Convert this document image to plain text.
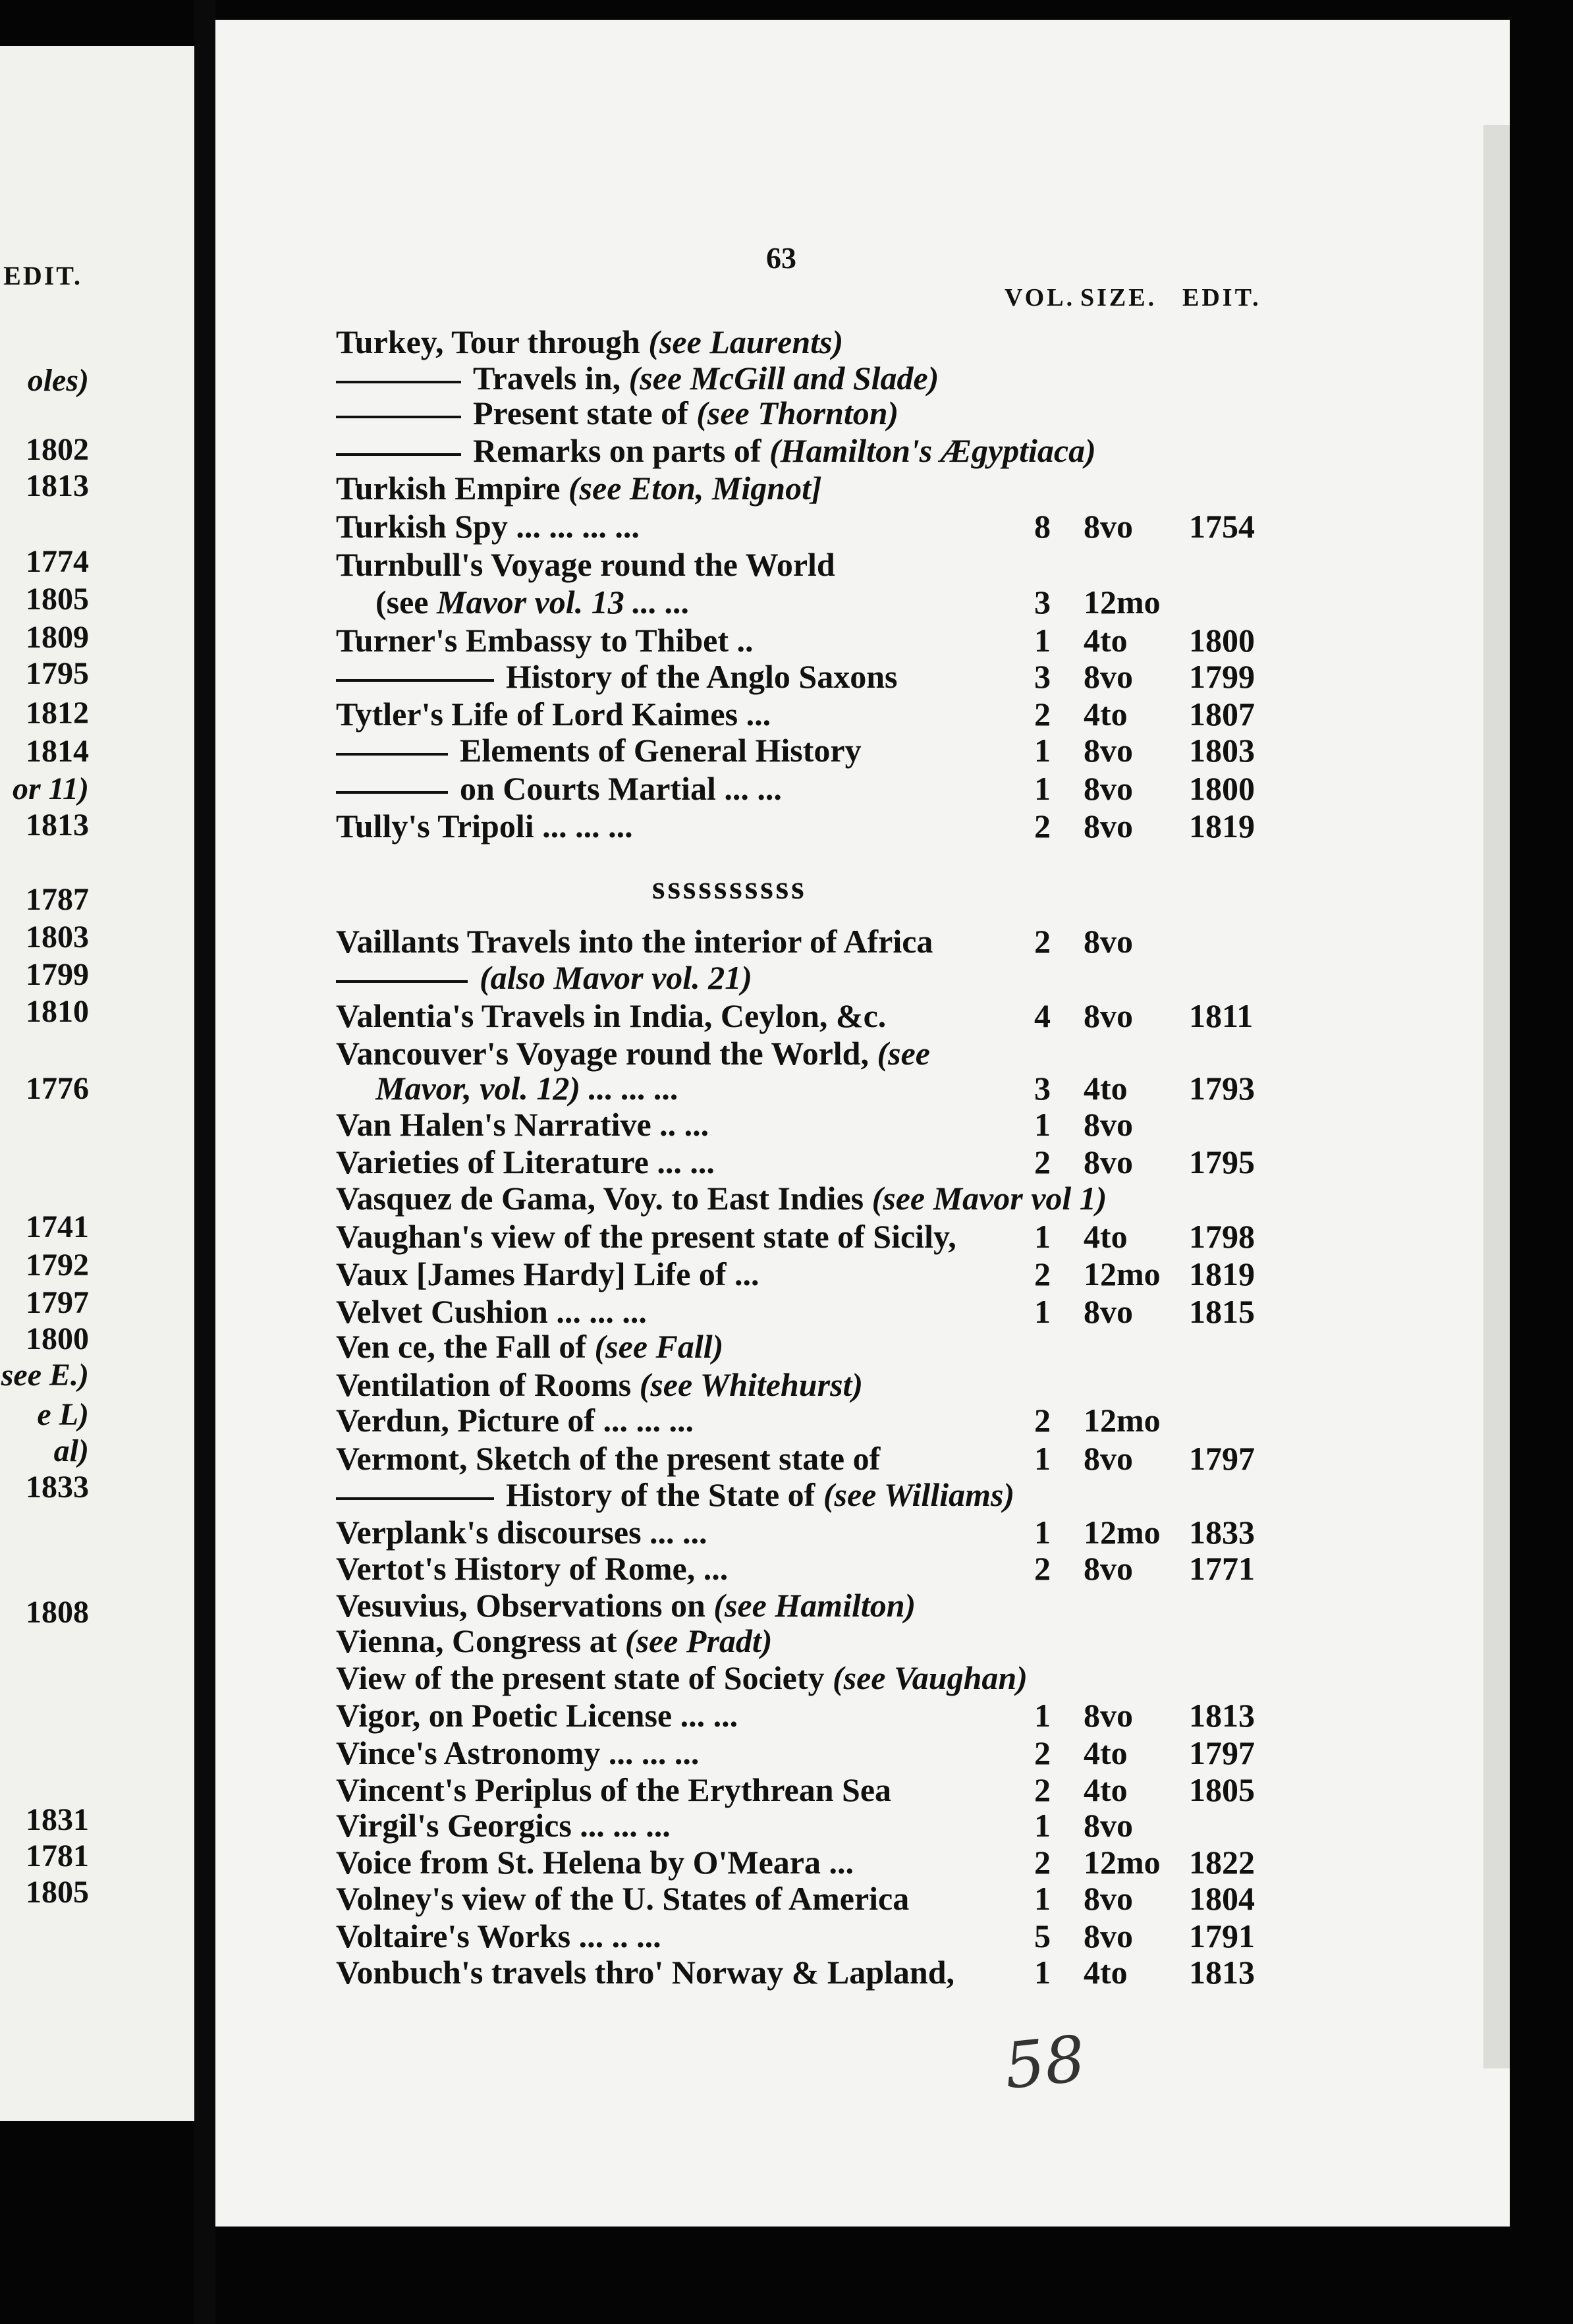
EDIT.
oles)
1802
1813
1774
1805
1809
1795
1812
1814
or 11)
1813
1787
1803
1799
1810
1776
1741
1792
1797
1800
see E.)
e L)
al)
1833
1808
1831
1781
1805
63
VOL. SIZE. EDIT.
Turkey, Tour through (see Laurents)
Travels in, (see McGill and Slade)
Present state of (see Thornton)
Remarks on parts of (Hamilton's Ægyptiaca)
Turkish Empire (see Eton, Mignot]
Turkish Spy ... ... ... ...	8 8vo 1754
Turnbull's Voyage round the World
(see Mavor vol. 13 ... ...	3 12mo
Turner's Embassy to Thibet ..	1 4to 1800
History of the Anglo Saxons	3 8vo 1799
Tytler's Life of Lord Kaimes ...	2 4to 1807
Elements of General History	1 8vo 1803
on Courts Martial ... ...	1 8vo 1800
Tully's Tripoli ... ... ...	2 8vo 1819
Vaillants Travels into the interior of Africa	2 8vo
(also Mavor vol. 21)
Valentia's Travels in India, Ceylon, &c.	4 8vo 1811
Vancouver's Voyage round the World, (see
Mavor, vol. 12) ... ... ...	3 4to 1793
Van Halen's Narrative .. ...	1 8vo
Varieties of Literature ... ...	2 8vo 1795
Vasquez de Gama, Voy. to East Indies (see Mavor vol 1)
Vaughan's view of the present state of Sicily, 1 4to 1798
Vaux [James Hardy] Life of ...	2 12mo 1819
Velvet Cushion ... ... ...	1 8vo 1815
Ven ce, the Fall of (see Fall)
Ventilation of Rooms (see Whitehurst)
Verdun, Picture of ... ... ...	2 12mo
Vermont, Sketch of the present state of	1 8vo 1797
History of the State of (see Williams)
Verplank's discourses ... ...	1 12mo 1833
Vertot's History of Rome, ...	2 8vo 1771
Vesuvius, Observations on (see Hamilton)
Vienna, Congress at (see Pradt)
View of the present state of Society (see Vaughan)
Vigor, on Poetic License ... ...	1 8vo 1813
Vince's Astronomy ... ... ...	2 4to 1797
Vincent's Periplus of the Erythrean Sea	2 4to 1805
Virgil's Georgics ... ... ...	1 8vo
Voice from St. Helena by O'Meara ...	2 12mo 1822
Volney's view of the U. States of America	1 8vo 1804
Voltaire's Works ... .. ...	5 8vo 1791
Vonbuch's travels thro' Norway & Lapland, 1 4to 1813
ssssssssss
58
